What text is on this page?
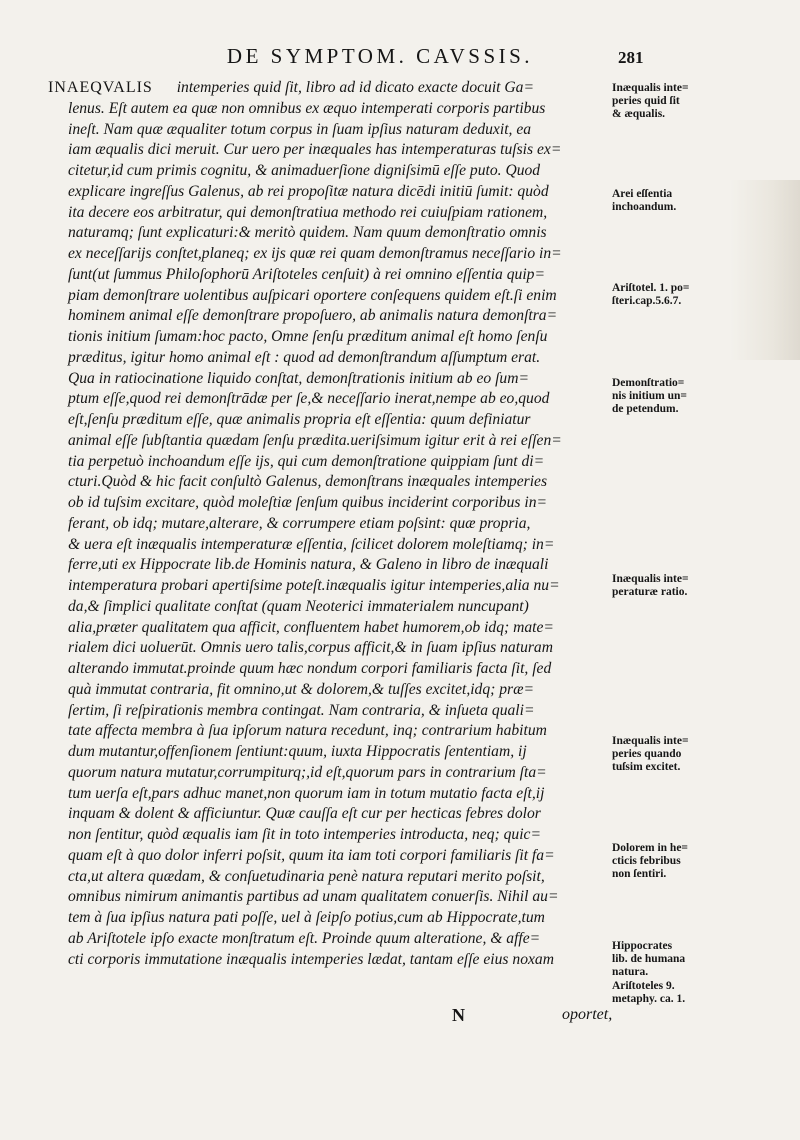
DE SYMPTOM. CAVSSIS.	281
INAEQVALIS intemperies quid ſit, libro ad id dicato exacte docuit Ga=
lenus. Eſt autem ea quæ non omnibus ex æquo intemperati corporis partibus
ineſt. Nam quæ æqualiter totum corpus in ſuam ipſius naturam deduxit, ea
iam æqualis dici meruit. Cur uero per inæquales has intemperaturas tuſsis ex=
citetur,id cum primis cognitu, & animaduerſione digniſsimū eſſe puto. Quod
explicare ingreſſus Galenus, ab rei propoſitæ natura dicēdi initiū ſumit: quòd
ita decere eos arbitratur, qui demonſtratiua methodo rei cuiuſpiam rationem,
naturamq; ſunt explicaturi:& meritò quidem. Nam quum demonſtratio omnis
ex neceſſarijs conſtet,planeq; ex ijs quæ rei quam demonſtramus neceſſario in=
ſunt(ut ſummus Philoſophorū Ariſtoteles cenſuit) à rei omnino eſſentia quip=
piam demonſtrare uolentibus auſpicari oportere conſequens quidem eſt.ſi enim
hominem animal eſſe demonſtrare propoſuero, ab animalis natura demonſtra=
tionis initium ſumam:hoc pacto, Omne ſenſu præditum animal eſt homo ſenſu
præditus, igitur homo animal eſt : quod ad demonſtrandum aſſumptum erat.
Qua in ratiocinatione liquido conſtat, demonſtrationis initium ab eo ſum=
ptum eſſe,quod rei demonſtrādæ per ſe,& neceſſario inerat,nempe ab eo,quod
eſt,ſenſu præditum eſſe, quæ animalis propria eſt eſſentia: quum definiatur
animal eſſe ſubſtantia quædam ſenſu prædita.ueriſsimum igitur erit à rei eſſen=
tia perpetuò inchoandum eſſe ijs, qui cum demonſtratione quippiam ſunt di=
cturi.Quòd & hic facit conſultò Galenus, demonſtrans inæquales intemperies
ob id tuſsim excitare, quòd moleſtiæ ſenſum quibus inciderint corporibus in=
ferant, ob idq; mutare,alterare, & corrumpere etiam poſsint: quæ propria,
& uera eſt inæqualis intemperaturæ eſſentia, ſcilicet dolorem moleſtiamq; in=
ferre,uti ex Hippocrate lib.de Hominis natura, & Galeno in libro de inæquali
intemperatura probari apertiſsime poteſt.inæqualis igitur intemperies,alia nu=
da,& ſimplici qualitate conſtat (quam Neoterici immaterialem nuncupant)
alia,præter qualitatem qua afficit, confluentem habet humorem,ob idq; mate=
rialem dici uoluerūt. Omnis uero talis,corpus afficit,& in ſuam ipſius naturam
alterando immutat.proinde quum hæc nondum corpori familiaris facta ſit, ſed
quà immutat contraria, fit omnino,ut & dolorem,& tuſſes excitet,idq; præ=
ſertim, ſi reſpirationis membra contingat. Nam contraria, & inſueta quali=
tate affecta membra à ſua ipſorum natura recedunt, inq; contrarium habitum
dum mutantur,offenſionem ſentiunt:quum, iuxta Hippocratis ſententiam, ij
quorum natura mutatur,corrumpiturq;,id eſt,quorum pars in contrarium ſta=
tum uerſa eſt,pars adhuc manet,non quorum iam in totum mutatio facta eſt,ij
inquam & dolent & afficiuntur. Quæ cauſſa eſt cur per hecticas febres dolor
non ſentitur, quòd æqualis iam ſit in toto intemperies introducta, neq; quic=
quam eſt à quo dolor inferri poſsit, quum ita iam toti corpori familiaris ſit fa=
cta,ut altera quædam, & conſuetudinaria penè natura reputari merito poſsit,
omnibus nimirum animantis partibus ad unam qualitatem conuerſis. Nihil au=
tem à ſua ipſius natura pati poſſe, uel à ſeipſo potius,cum ab Hippocrate,tum
ab Ariſtotele ipſo exacte monſtratum eſt. Proinde quum alteratione, & affe=
cti corporis immutatione inæqualis intemperies lædat, tantam eſſe eius noxam
Inæqualis inte=
peries quid ſit
& æqualis.
Arei eſſentia
inchoandum.
Ariſtotel. 1. po=
ſteri.cap.5.6.7.
Demonſtratio=
nis initium un=
de petendum.
Inæqualis inte=
peraturæ ratio.
Inæqualis inte=
peries quando
tuſsim excitet.
Dolorem in he=
cticis febribus
non ſentiri.
Hippocrates
lib. de humana
natura.
Ariſtoteles 9.
metaphy. ca. 1.
N	oportet,
